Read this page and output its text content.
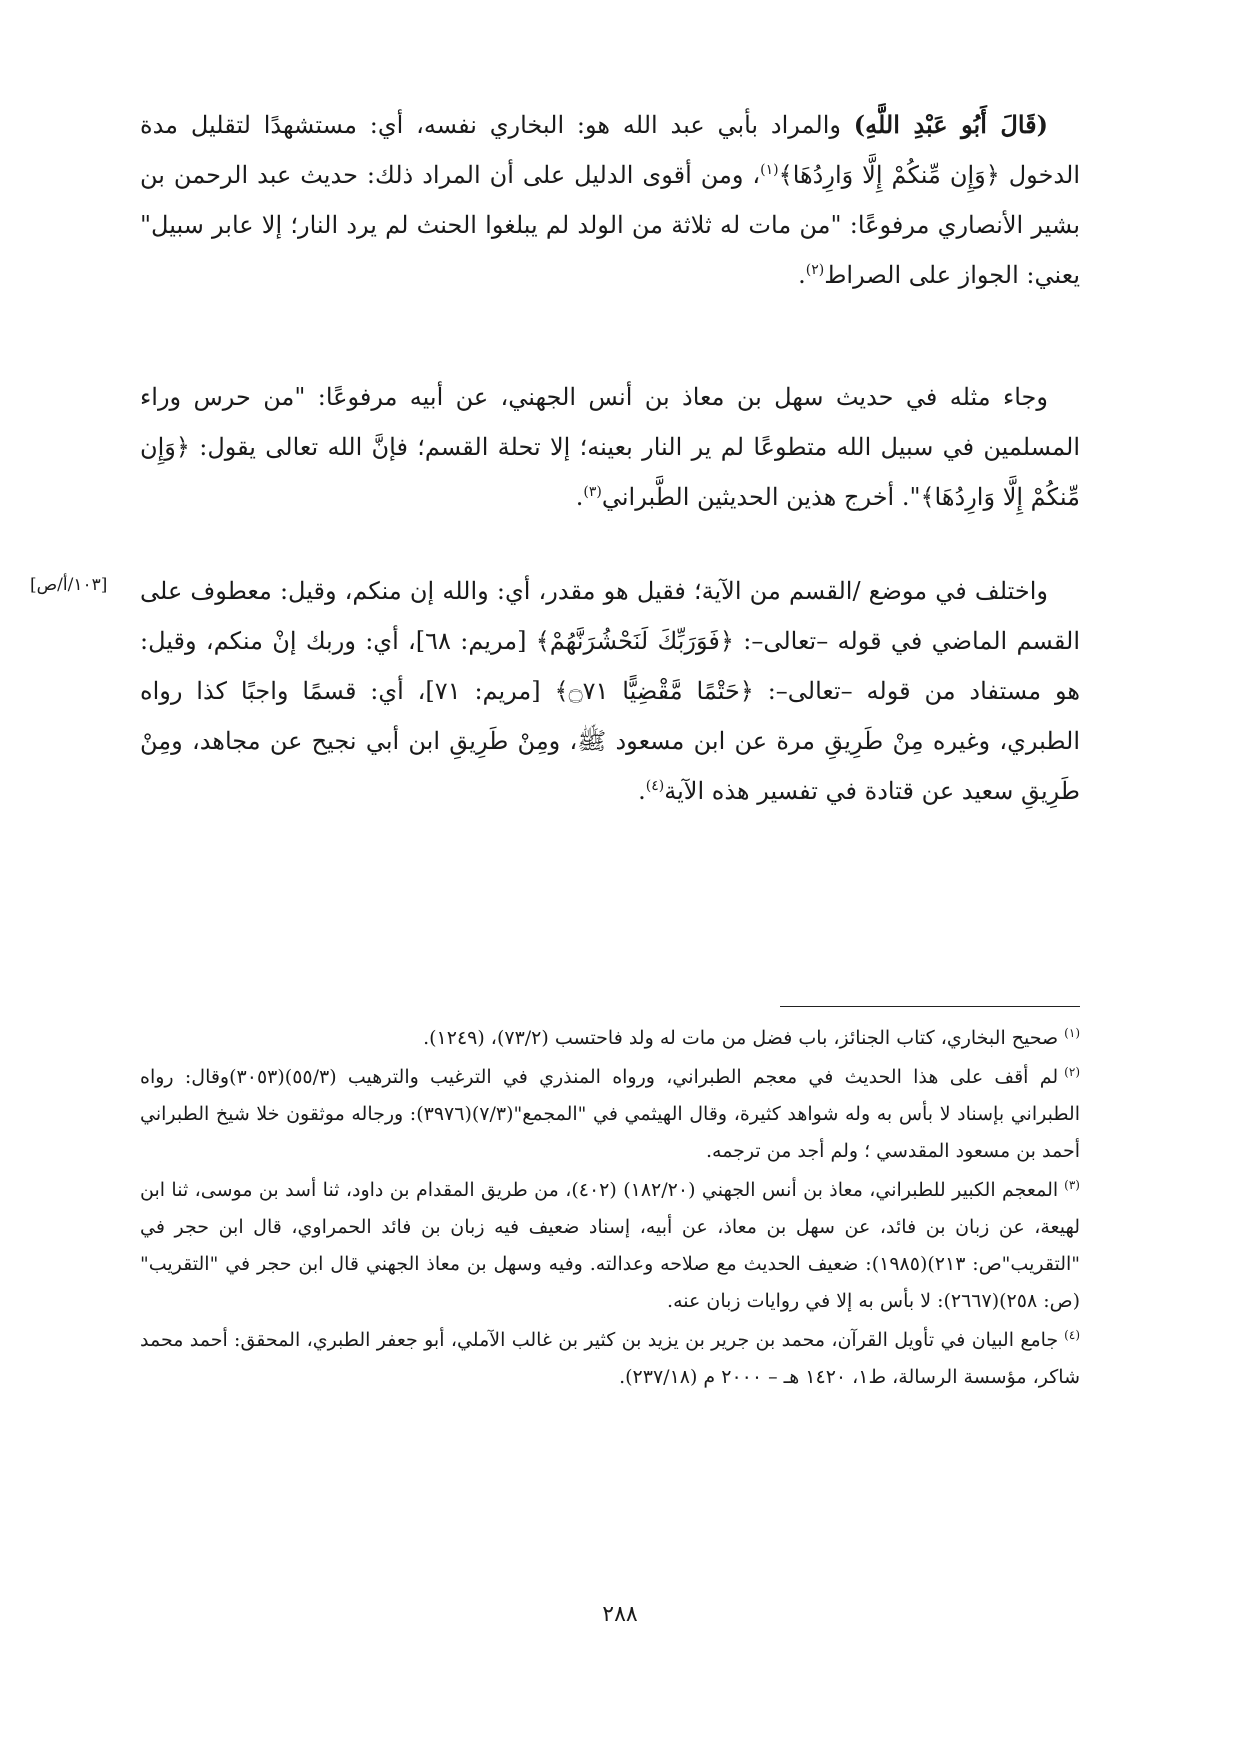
(قَالَ أَبُو عَبْدِ اللَّهِ) والمراد بأبي عبد الله هو: البخاري نفسه، أي: مستشهدًا لتقليل مدة الدخول ﴿وَإِن مِّنكُمْ إِلَّا وَارِدُهَا﴾$^{(١)}$، ومن أقوى الدليل على أن المراد ذلك: حديث عبد الرحمن بن بشير الأنصاري مرفوعًا: "من مات له ثلاثة من الولد لم يبلغوا الحنث لم يرد النار؛ إلا عابر سبيل" يعني: الجواز على الصراط$^{(٢)}$.

وجاء مثله في حديث سهل بن معاذ بن أنس الجهني، عن أبيه مرفوعًا: "من حرس وراء المسلمين في سبيل الله متطوعًا لم ير النار بعينه؛ إلا تحلة القسم؛ فإنَّ الله تعالى يقول: ﴿وَإِن مِّنكُمْ إِلَّا وَارِدُهَا﴾". أخرج هذين الحديثين الطَّبراني$^{(٣)}$.

واختلف في موضع /القسم من الآية؛ فقيل هو مقدر، أي: والله إن منكم، وقيل: معطوف على القسم الماضي في قوله –تعالى–: ﴿فَوَرَبِّكَ لَنَحْشُرَنَّهُمْ﴾ [مريم: ٦٨]، أي: وربك إنْ منكم، وقيل: هو مستفاد من قوله –تعالى–: ﴿حَتْمًا مَّقْضِيًّا ۝٧١﴾ [مريم: ٧١]، أي: قسمًا واجبًا كذا رواه الطبري، وغيره مِنْ طَرِيقِ مرة عن ابن مسعود ﷺ، ومِنْ طَرِيقِ ابن أبي نجيح عن مجاهد، ومِنْ طَرِيقِ سعيد عن قتادة في تفسير هذه الآية$^{(٤)}$.

[١٠٣/أ/ص]

$^{(١)}$صحيح البخاري، كتاب الجنائز، باب فضل من مات له ولد فاحتسب (٧٣/٢)، (١٢٤٩).

$^{(٢)}$لم أقف على هذا الحديث في معجم الطبراني، ورواه المنذري في الترغيب والترهيب (٥٥/٣)(٣٠٥٣)وقال: رواه الطبراني بإسناد لا بأس به وله شواهد كثيرة، وقال الهيثمي في "المجمع"(٧/٣)(٣٩٧٦): ورجاله موثقون خلا شيخ الطبراني أحمد بن مسعود المقدسي ؛ ولم أجد من ترجمه.

$^{(٣)}$المعجم الكبير للطبراني، معاذ بن أنس الجهني (١٨٢/٢٠) (٤٠٢)، من طريق المقدام بن داود، ثنا أسد بن موسى، ثنا ابن لهيعة، عن زبان بن فائد، عن سهل بن معاذ، عن أبيه، إسناد ضعيف فيه زبان بن فائد الحمراوي، قال ابن حجر في "التقريب"ص: ٢١٣)(١٩٨٥): ضعيف الحديث مع صلاحه وعدالته. وفيه وسهل بن معاذ الجهني قال ابن حجر في "التقريب"(ص: ٢٥٨)(٢٦٦٧): لا بأس به إلا في روايات زبان عنه.

$^{(٤)}$جامع البيان في تأويل القرآن، محمد بن جرير بن يزيد بن كثير بن غالب الآملي، أبو جعفر الطبري، المحقق: أحمد محمد شاكر، مؤسسة الرسالة، ط١، ١٤٢٠ هـ – ٢٠٠٠ م (٢٣٧/١٨).

٢٨٨
